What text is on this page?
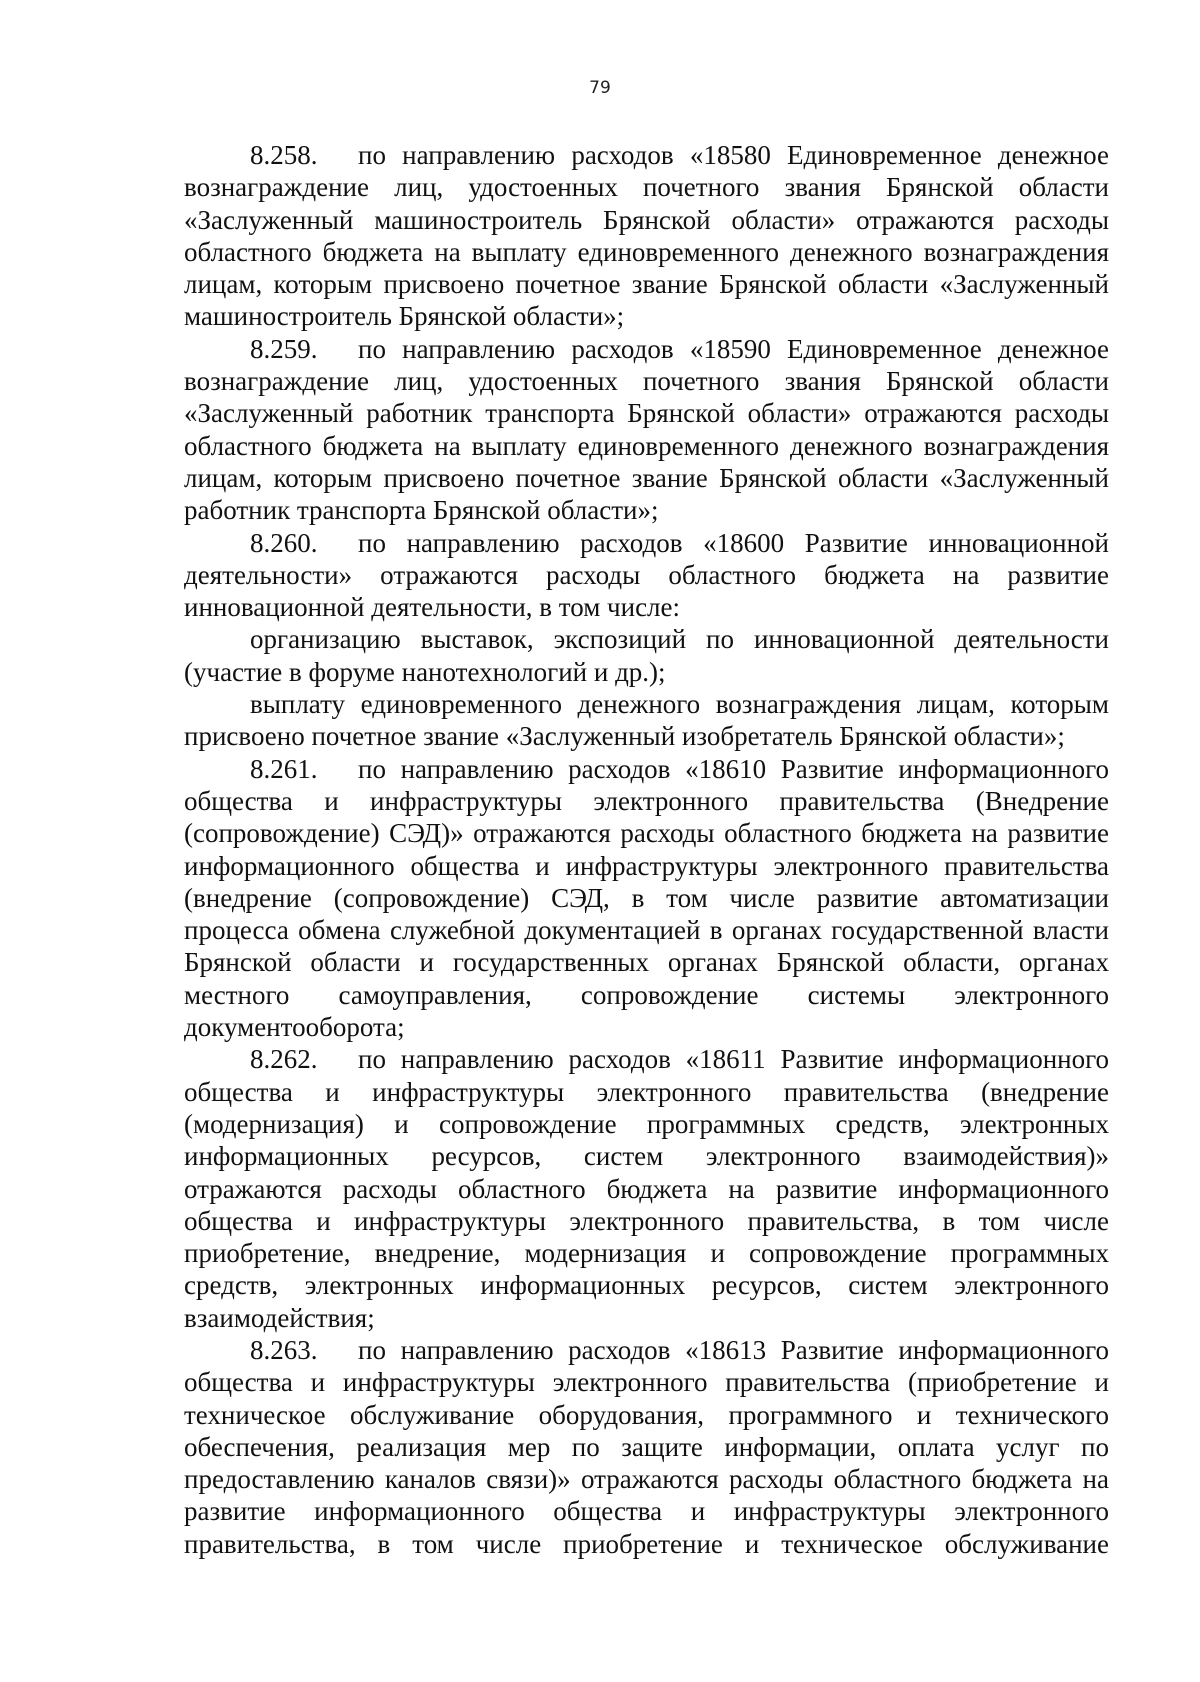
79

8.258. по направлению расходов «18580 Единовременное денежное вознаграждение лиц, удостоенных почетного звания Брянской области «Заслуженный машиностроитель Брянской области» отражаются расходы областного бюджета на выплату единовременного денежного вознаграждения лицам, которым присвоено почетное звание Брянской области «Заслуженный машиностроитель Брянской области»;

8.259. по направлению расходов «18590 Единовременное денежное вознаграждение лиц, удостоенных почетного звания Брянской области «Заслуженный работник транспорта Брянской области» отражаются расходы областного бюджета на выплату единовременного денежного вознаграждения лицам, которым присвоено почетное звание Брянской области «Заслуженный работник транспорта Брянской области»;

8.260. по направлению расходов «18600 Развитие инновационной деятельности» отражаются расходы областного бюджета на развитие инновационной деятельности, в том числе:

организацию выставок, экспозиций по инновационной деятельности (участие в форуме нанотехнологий и др.);

выплату единовременного денежного вознаграждения лицам, которым присвоено почетное звание «Заслуженный изобретатель Брянской области»;

8.261. по направлению расходов «18610 Развитие информационного общества и инфраструктуры электронного правительства (Внедрение (сопровождение) СЭД)» отражаются расходы областного бюджета на развитие информационного общества и инфраструктуры электронного правительства (внедрение (сопровождение) СЭД, в том числе развитие автоматизации процесса обмена служебной документацией в органах государственной власти Брянской области и государственных органах Брянской области, органах местного самоуправления, сопровождение системы электронного документооборота;

8.262. по направлению расходов «18611 Развитие информационного общества и инфраструктуры электронного правительства (внедрение (модернизация) и сопровождение программных средств, электронных информационных ресурсов, систем электронного взаимодействия)» отражаются расходы областного бюджета на развитие информационного общества и инфраструктуры электронного правительства, в том числе приобретение, внедрение, модернизация и сопровождение программных средств, электронных информационных ресурсов, систем электронного взаимодействия;

8.263. по направлению расходов «18613 Развитие информационного общества и инфраструктуры электронного правительства (приобретение и техническое обслуживание оборудования, программного и технического обеспечения, реализация мер по защите информации, оплата услуг по предоставлению каналов связи)» отражаются расходы областного бюджета на развитие информационного общества и инфраструктуры электронного правительства, в том числе приобретение и техническое обслуживание
